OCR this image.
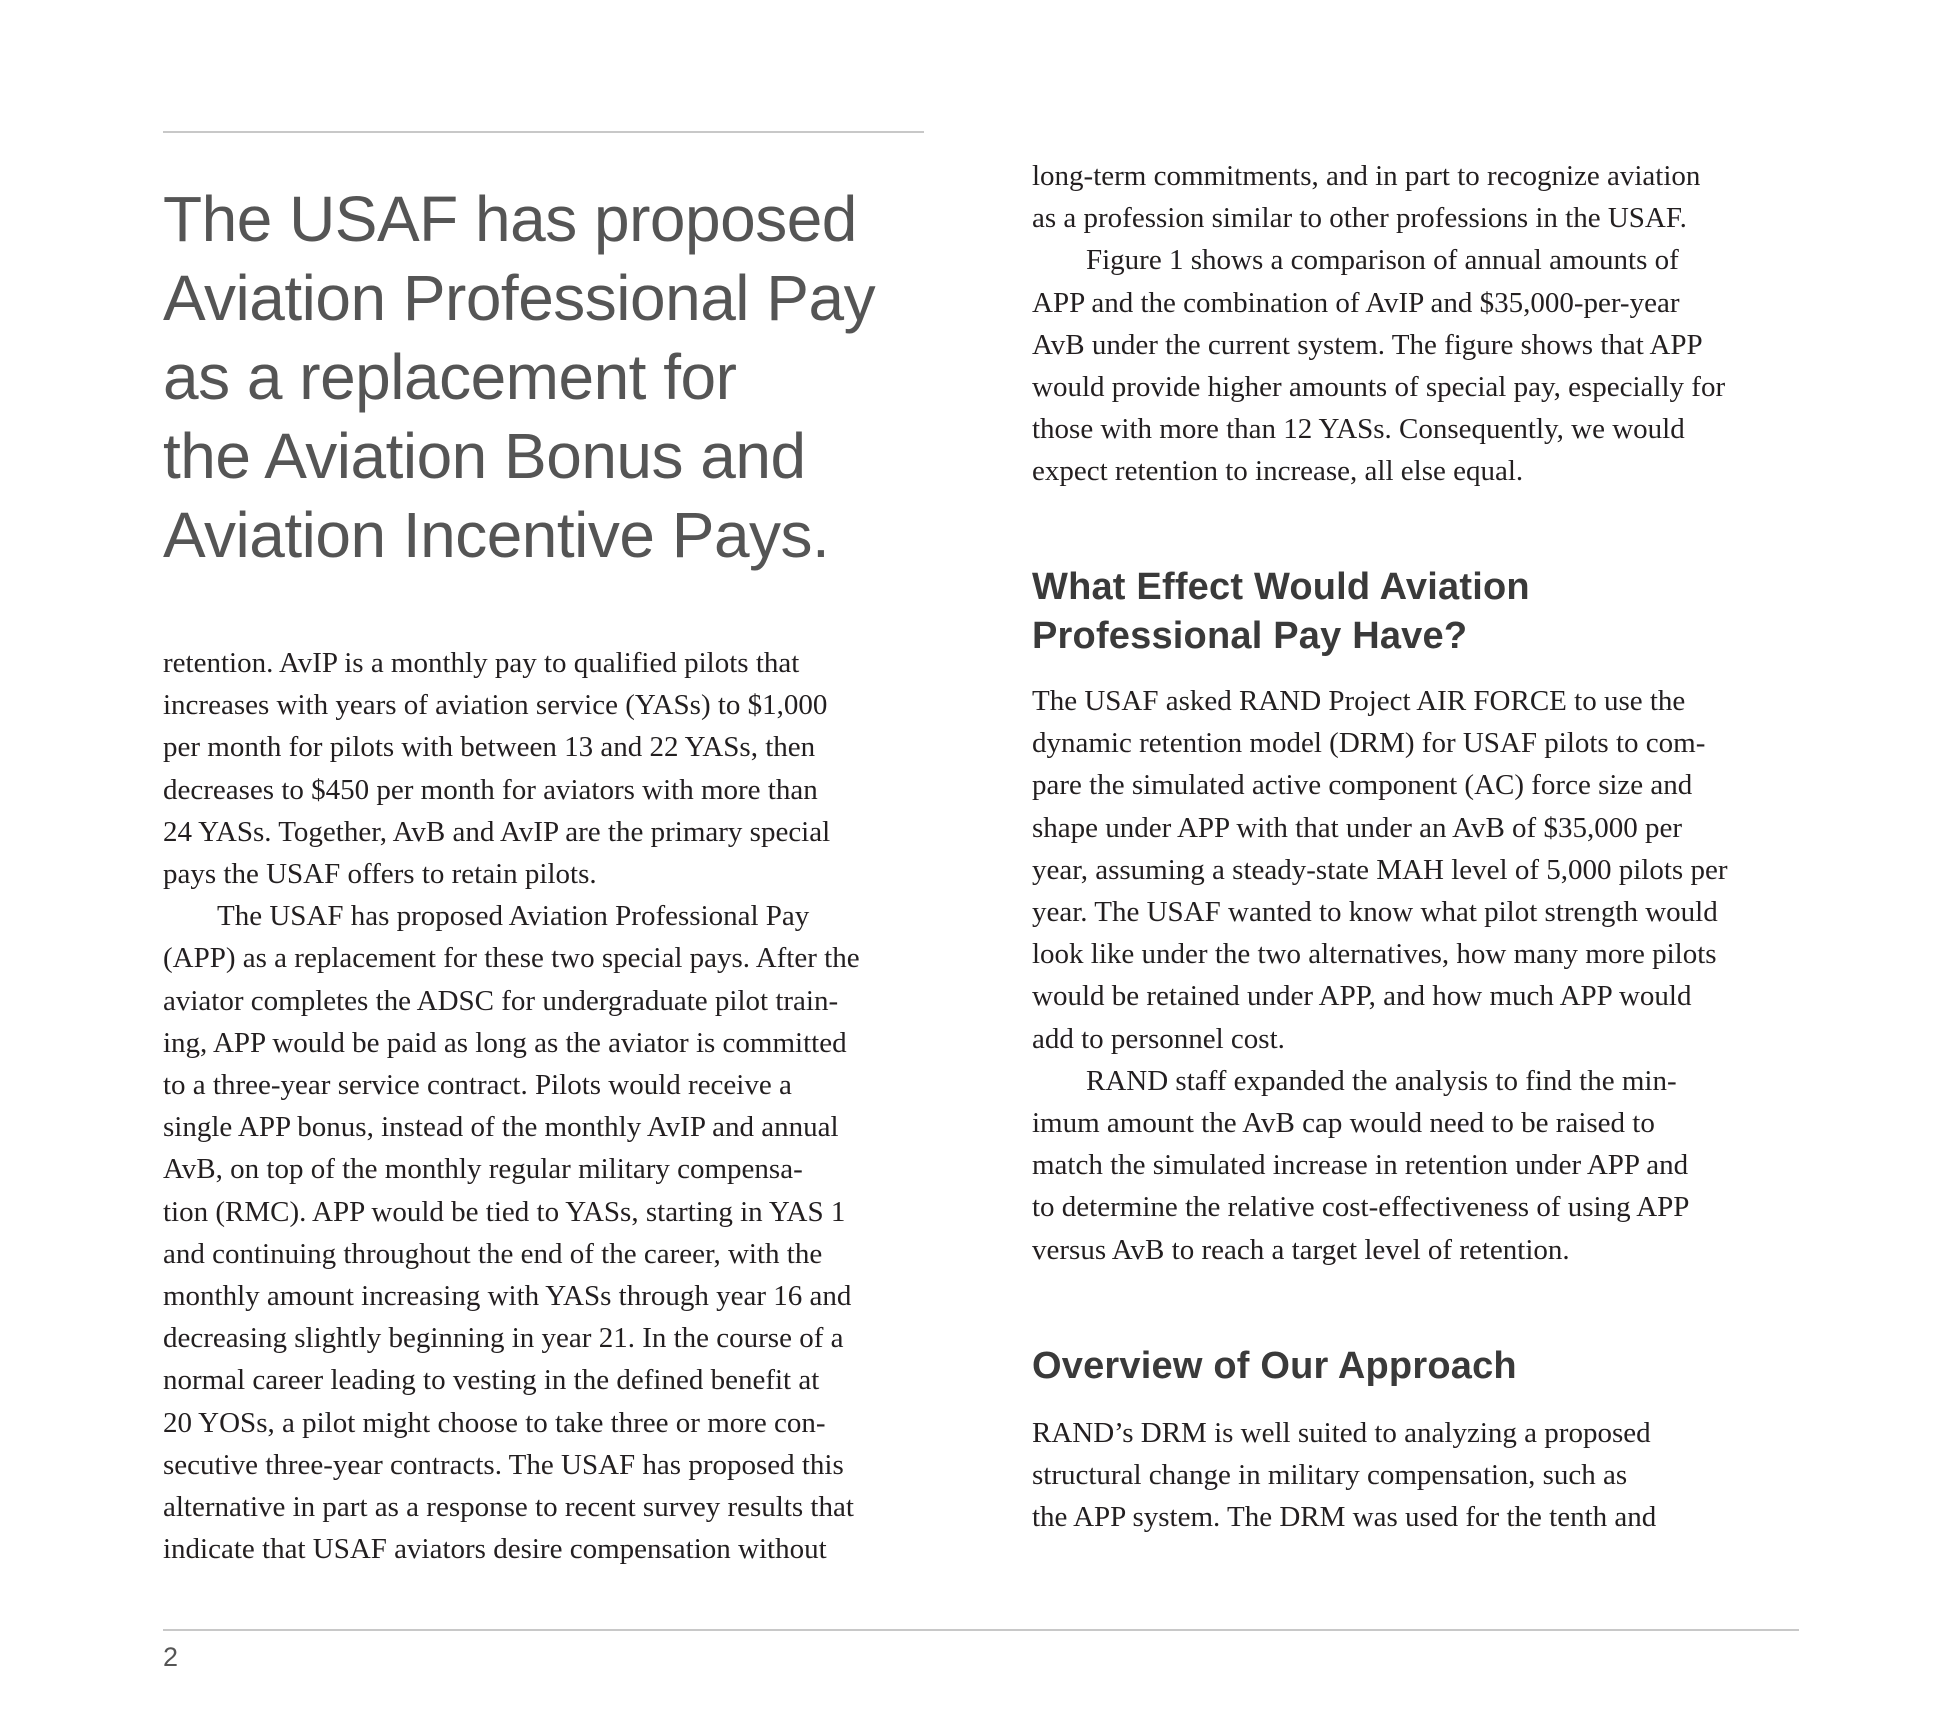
The USAF has proposed
Aviation Professional Pay
as a replacement for
the Aviation Bonus and
Aviation Incentive Pays.

retention. AvIP is a monthly pay to qualified pilots that
increases with years of aviation service (YASs) to $1,000
per month for pilots with between 13 and 22 YASs, then
decreases to $450 per month for aviators with more than
24 YASs. Together, AvB and AvIP are the primary special
pays the USAF offers to retain pilots.

The USAF has proposed Aviation Professional Pay
(APP) as a replacement for these two special pays. After the
aviator completes the ADSC for undergraduate pilot train-
ing, APP would be paid as long as the aviator is committed
to a three-year service contract. Pilots would receive a
single APP bonus, instead of the monthly AvIP and annual
AvB, on top of the monthly regular military compensa-
tion (RMC). APP would be tied to YASs, starting in YAS 1
and continuing throughout the end of the career, with the
monthly amount increasing with YASs through year 16 and
decreasing slightly beginning in year 21. In the course of a
normal career leading to vesting in the defined benefit at
20 YOSs, a pilot might choose to take three or more con-
secutive three-year contracts. The USAF has proposed this
alternative in part as a response to recent survey results that
indicate that USAF aviators desire compensation without

long-term commitments, and in part to recognize aviation
as a profession similar to other professions in the USAF.

Figure 1 shows a comparison of annual amounts of
APP and the combination of AvIP and $35,000-per-year
AvB under the current system. The figure shows that APP
would provide higher amounts of special pay, especially for
those with more than 12 YASs. Consequently, we would
expect retention to increase, all else equal.

What Effect Would Aviation
Professional Pay Have?

The USAF asked RAND Project AIR FORCE to use the
dynamic retention model (DRM) for USAF pilots to com-
pare the simulated active component (AC) force size and
shape under APP with that under an AvB of $35,000 per
year, assuming a steady-state MAH level of 5,000 pilots per
year. The USAF wanted to know what pilot strength would
look like under the two alternatives, how many more pilots
would be retained under APP, and how much APP would
add to personnel cost.

RAND staff expanded the analysis to find the min-
imum amount the AvB cap would need to be raised to
match the simulated increase in retention under APP and
to determine the relative cost-effectiveness of using APP
versus AvB to reach a target level of retention.

Overview of Our Approach

RAND’s DRM is well suited to analyzing a proposed
structural change in military compensation, such as
the APP system. The DRM was used for the tenth and

2
